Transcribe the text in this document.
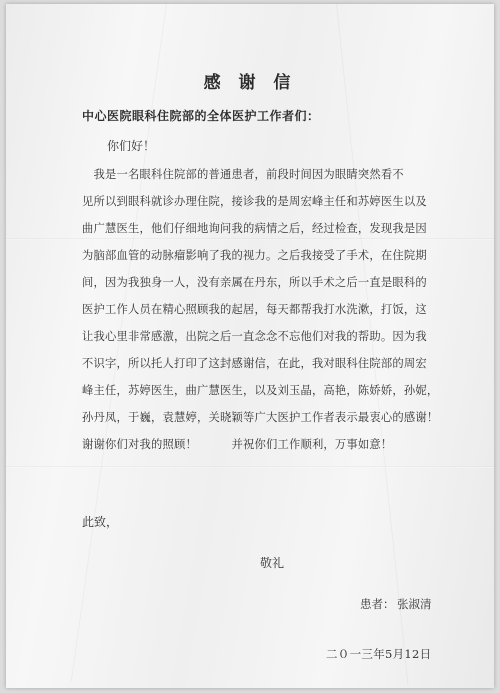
感 谢 信
中心医院眼科住院部的全体医护工作者们：
你们好！
　我是一名眼科住院部的普通患者，前段时间因为眼睛突然看不
见所以到眼科就诊办理住院，接诊我的是周宏峰主任和苏婷医生以及
曲广慧医生，他们仔细地询问我的病情之后，经过检查，发现我是因
为脑部血管的动脉瘤影响了我的视力。之后我接受了手术，在住院期
间，因为我独身一人，没有亲属在丹东，所以手术之后一直是眼科的
医护工作人员在精心照顾我的起居，每天都帮我打水洗漱，打饭，这
让我心里非常感激，出院之后一直念念不忘他们对我的帮助。因为我
不识字，所以托人打印了这封感谢信，在此，我对眼科住院部的周宏
峰主任，苏婷医生，曲广慧医生，以及刘玉晶，高艳，陈娇娇，孙妮，
孙丹凤，于巍，袁慧婷，关晓颖等广大医护工作者表示最衷心的感谢！
谢谢你们对我的照顾！　　　并祝你们工作顺利，万事如意！
此致，
敬礼
患者： 张淑清
二０一三年5月12日
